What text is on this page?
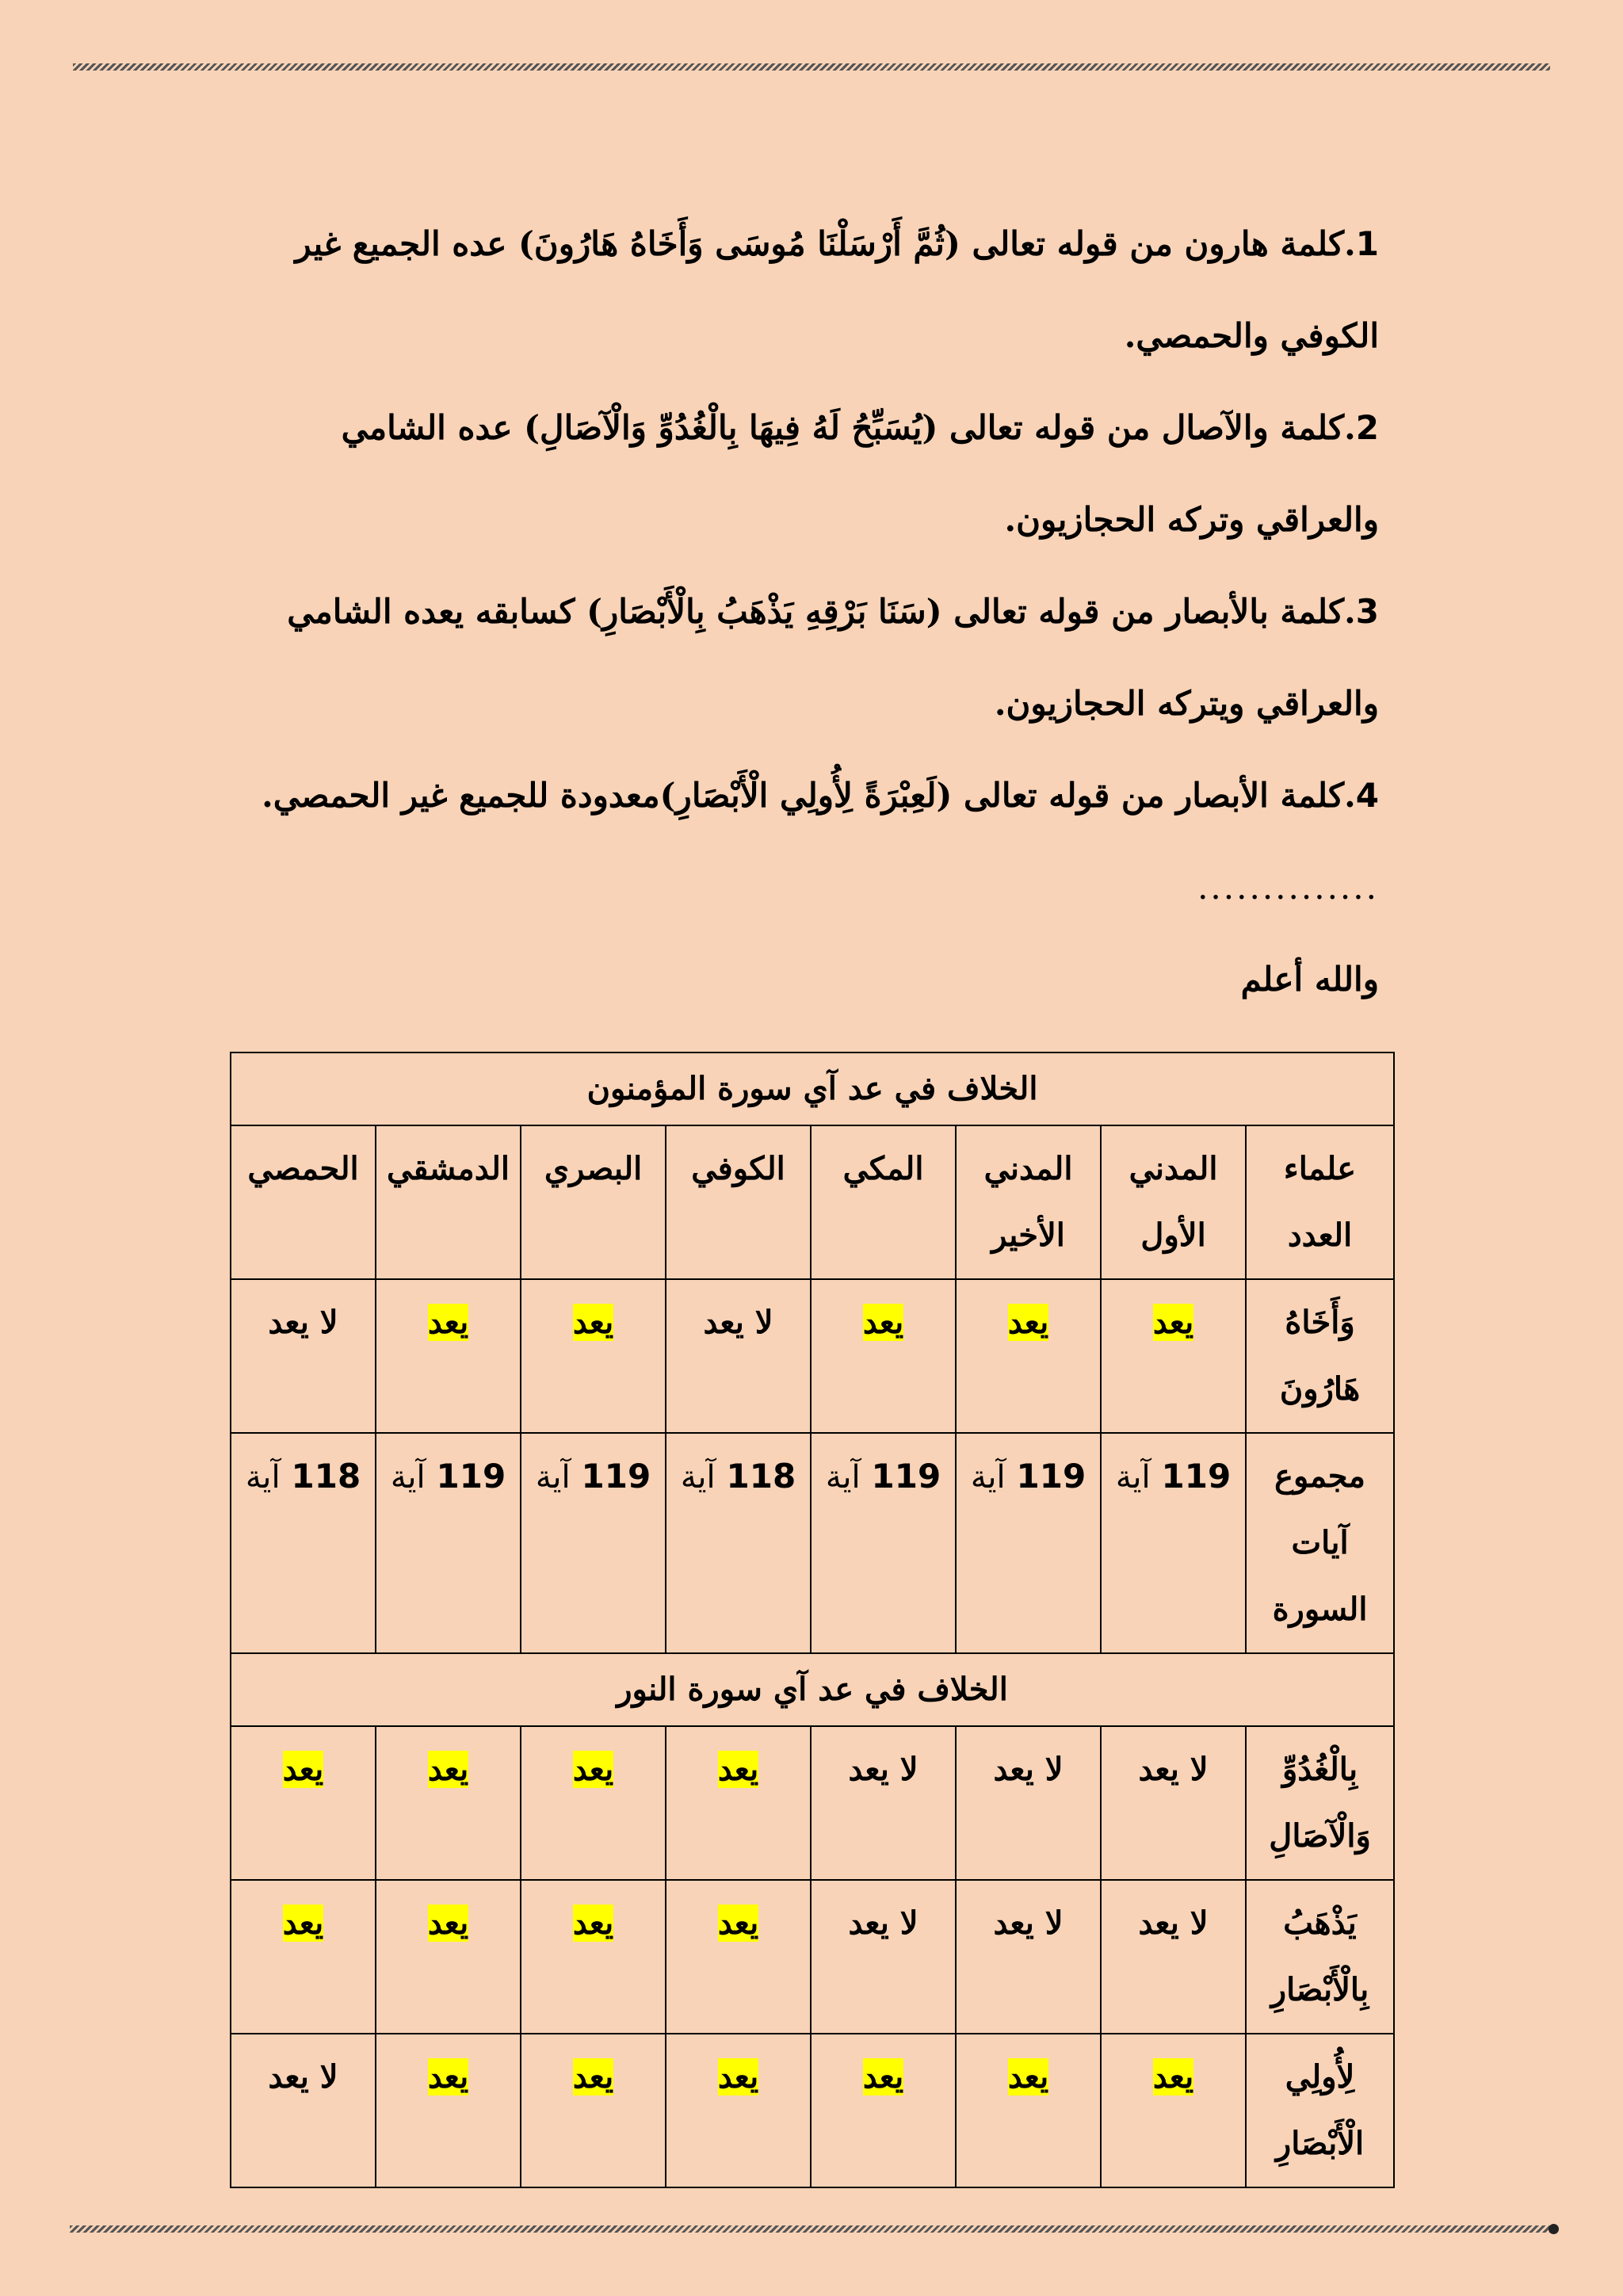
1.كلمة هارون من قوله تعالى (ثُمَّ أَرْسَلْنَا مُوسَى وَأَخَاهُ هَارُونَ) عده الجميع غير الكوفي والحمصي.

2.كلمة والآصال من قوله تعالى (يُسَبِّحُ لَهُ فِيهَا بِالْغُدُوِّ وَالْآصَالِ) عده الشامي والعراقي وتركه الحجازيون.

3.كلمة بالأبصار من قوله تعالى (سَنَا بَرْقِهِ يَذْهَبُ بِالْأَبْصَارِ) كسابقه يعده الشامي والعراقي ويتركه الحجازيون.

4.كلمة الأبصار من قوله تعالى (لَعِبْرَةً لِأُولِي الْأَبْصَارِ)معدودة للجميع غير الحمصي.

..............

والله أعلم

الخلاف في عد آي سورة المؤمنون							
علماء العدد	المدني الأول	المدني الأخير	المكي	الكوفي	البصري	الدمشقي	الحمصي
وَأَخَاهُ هَارُونَ	يعد	يعد	يعد	لا يعد	يعد	يعد	لا يعد
مجموع آيات السورة	119 آية	119 آية	119 آية	118 آية	119 آية	119 آية	118 آية
الخلاف في عد آي سورة النور							
بِالْغُدُوِّ وَالْآصَالِ	لا يعد	لا يعد	لا يعد	يعد	يعد	يعد	يعد
يَذْهَبُ بِالْأَبْصَارِ	لا يعد	لا يعد	لا يعد	يعد	يعد	يعد	يعد
لِأُولِي الْأَبْصَارِ	يعد	يعد	يعد	يعد	يعد	يعد	لا يعد
